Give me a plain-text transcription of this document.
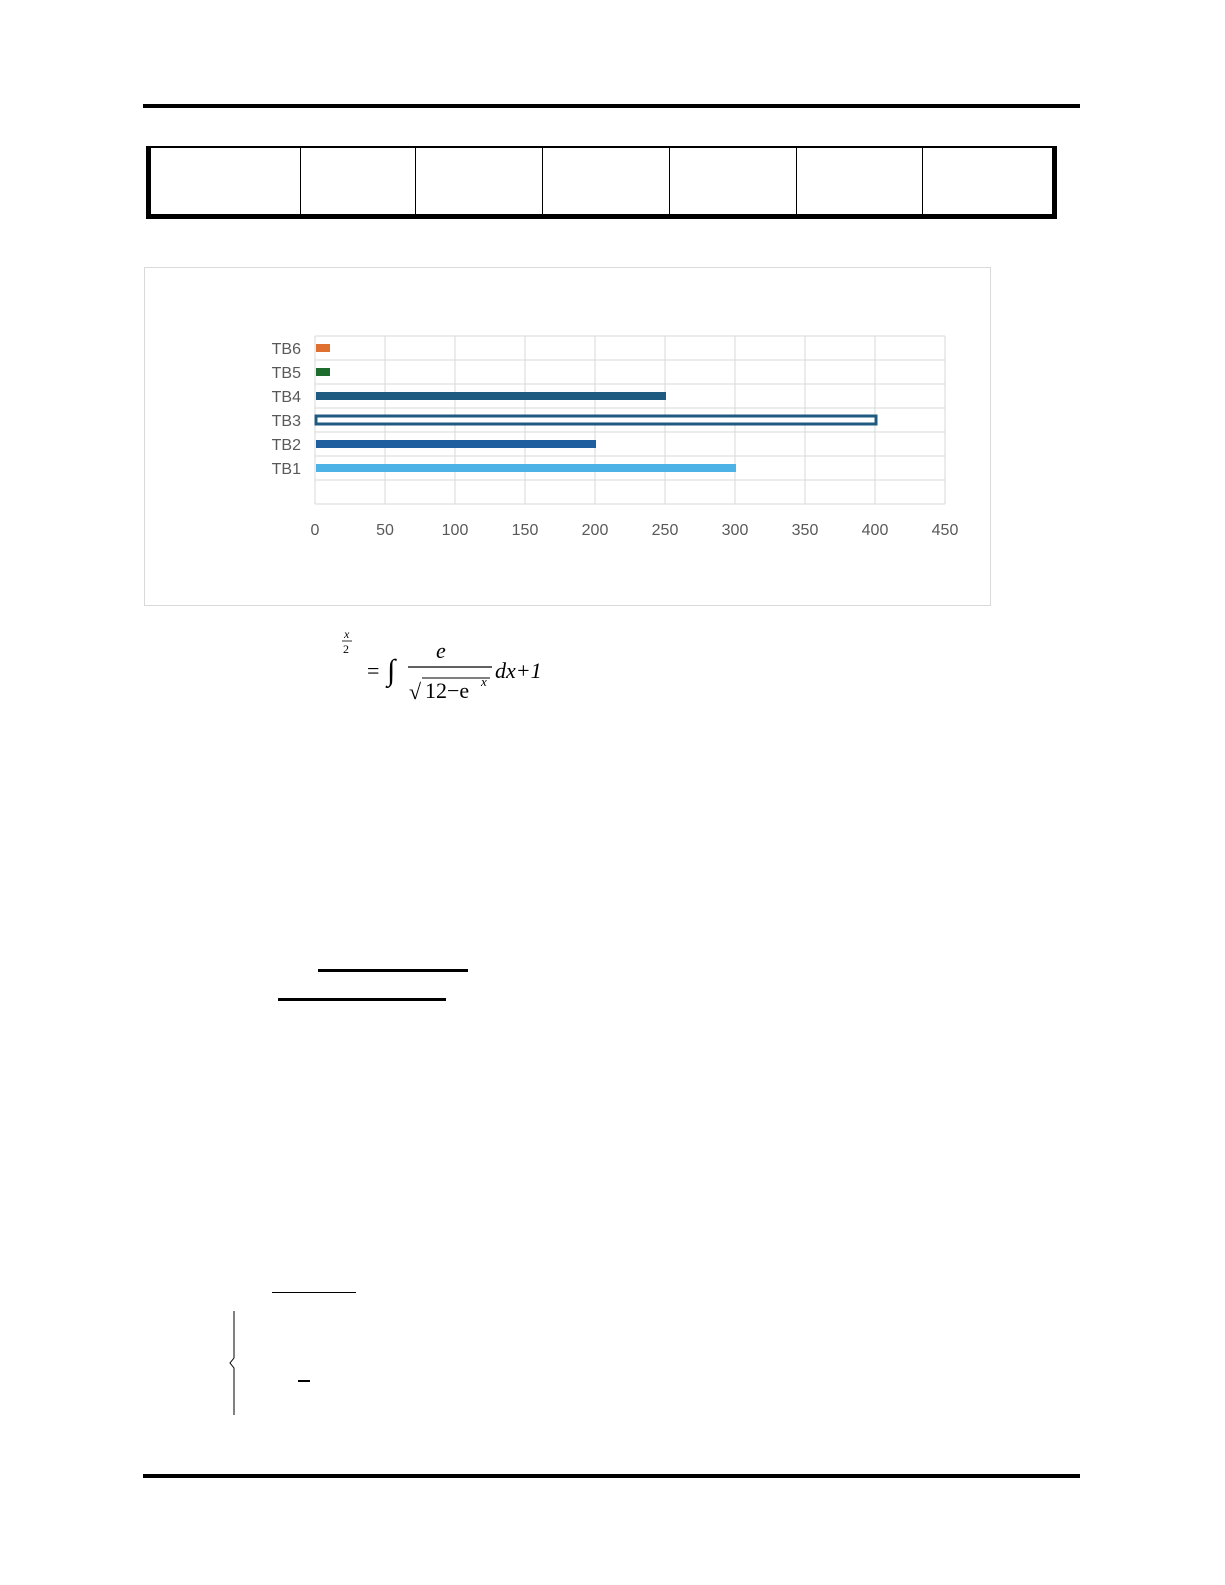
0	50	100	150	200	250	300	350	400	450
TB1
TB2
TB3
TB4
TB5
TB6
x
2
= ∫
e
√ 12−e x dx+1
